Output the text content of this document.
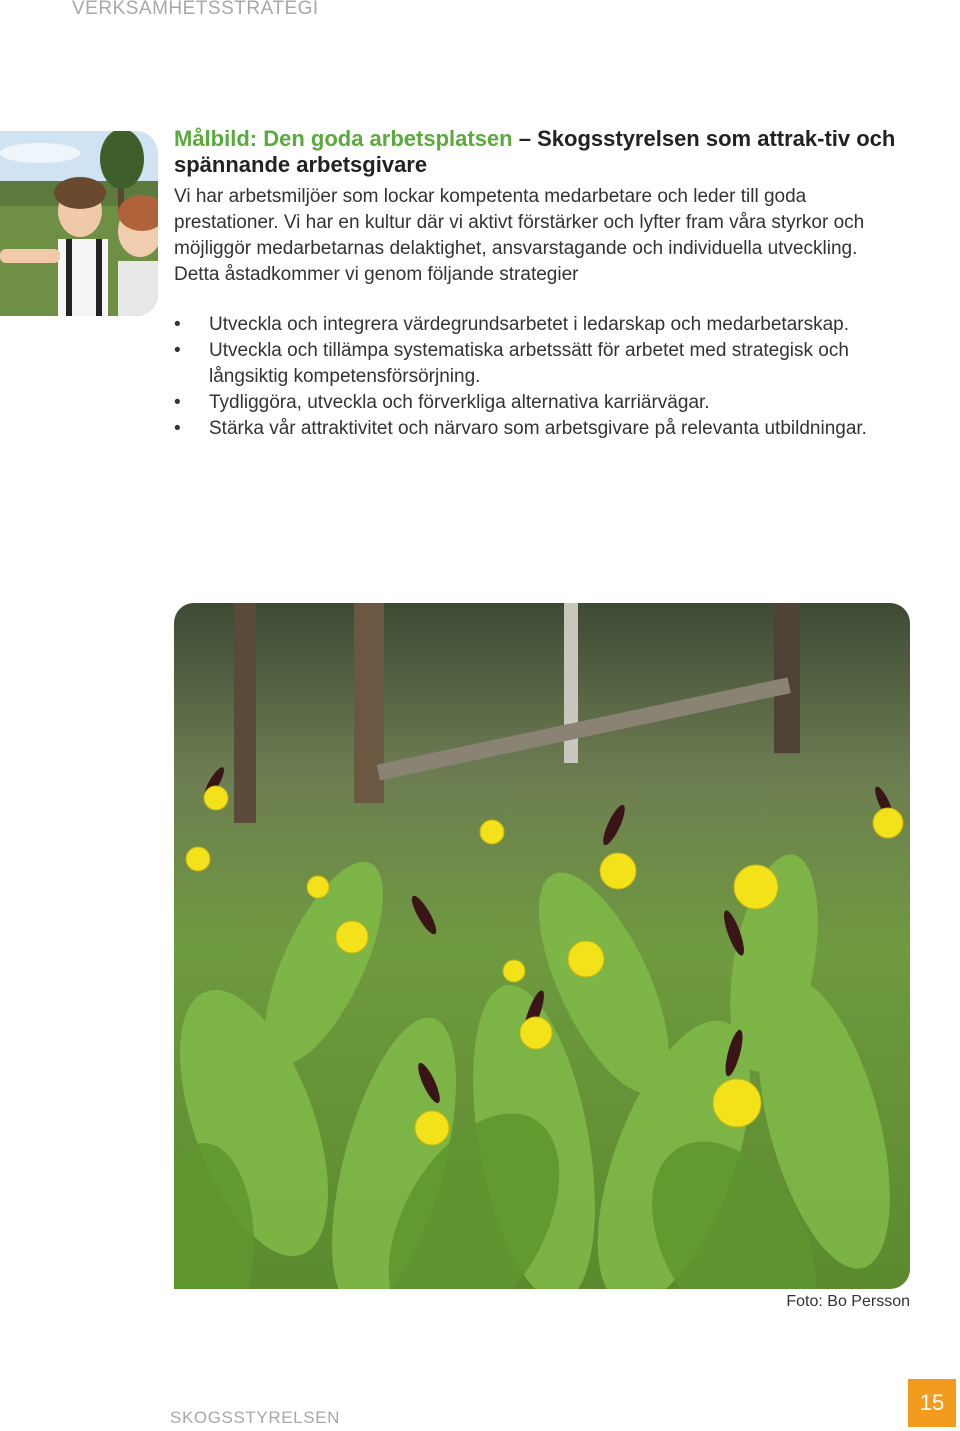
VERKSAMHETSSTRATEGI
Målbild: Den goda arbetsplatsen – Skogsstyrelsen som attrak-tiv och spännande arbetsgivare

Vi har arbetsmiljöer som lockar kompetenta medarbetare och leder till goda prestationer. Vi har en kultur där vi aktivt förstärker och lyfter fram våra styrkor och möjliggör medarbetarnas delaktighet, ansvarstagande och individuella utveckling.

Detta åstadkommer vi genom följande strategier

• Utveckla och integrera värdegrundsarbetet i ledarskap och medarbetarskap.
• Utveckla och tillämpa systematiska arbetssätt för arbetet med strategisk och långsiktig kompetensförsörjning.
• Tydliggöra, utveckla och förverkliga alternativa karriärvägar.
• Stärka vår attraktivitet och närvaro som arbetsgivare på relevanta utbildningar.
Foto: Bo Persson
SKOGSSTYRELSEN
15
